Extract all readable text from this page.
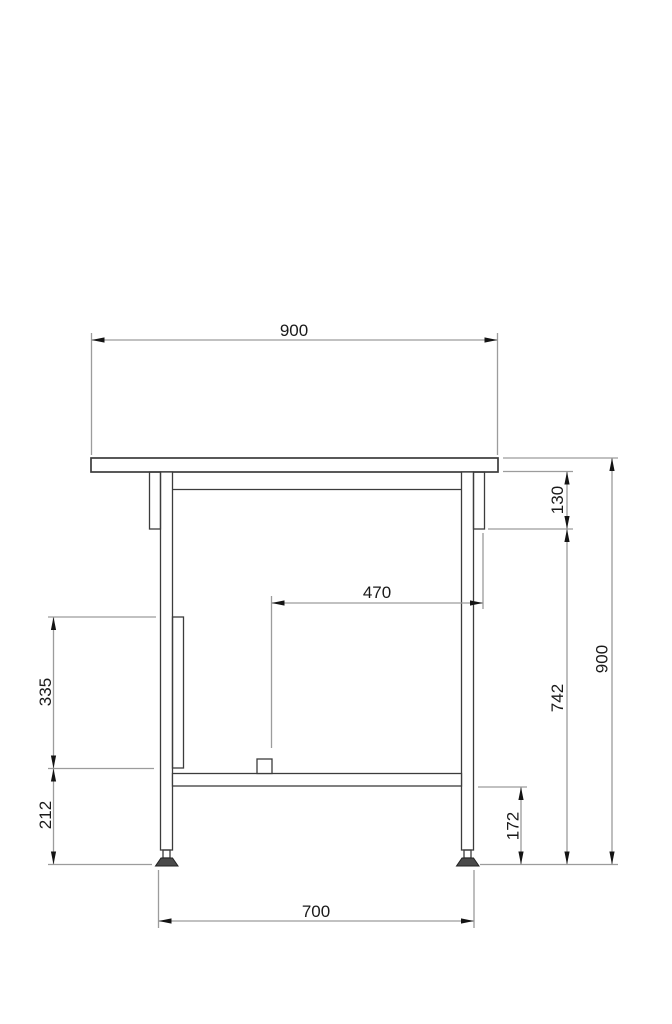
900
470
335
212
130
742
900
172
700
